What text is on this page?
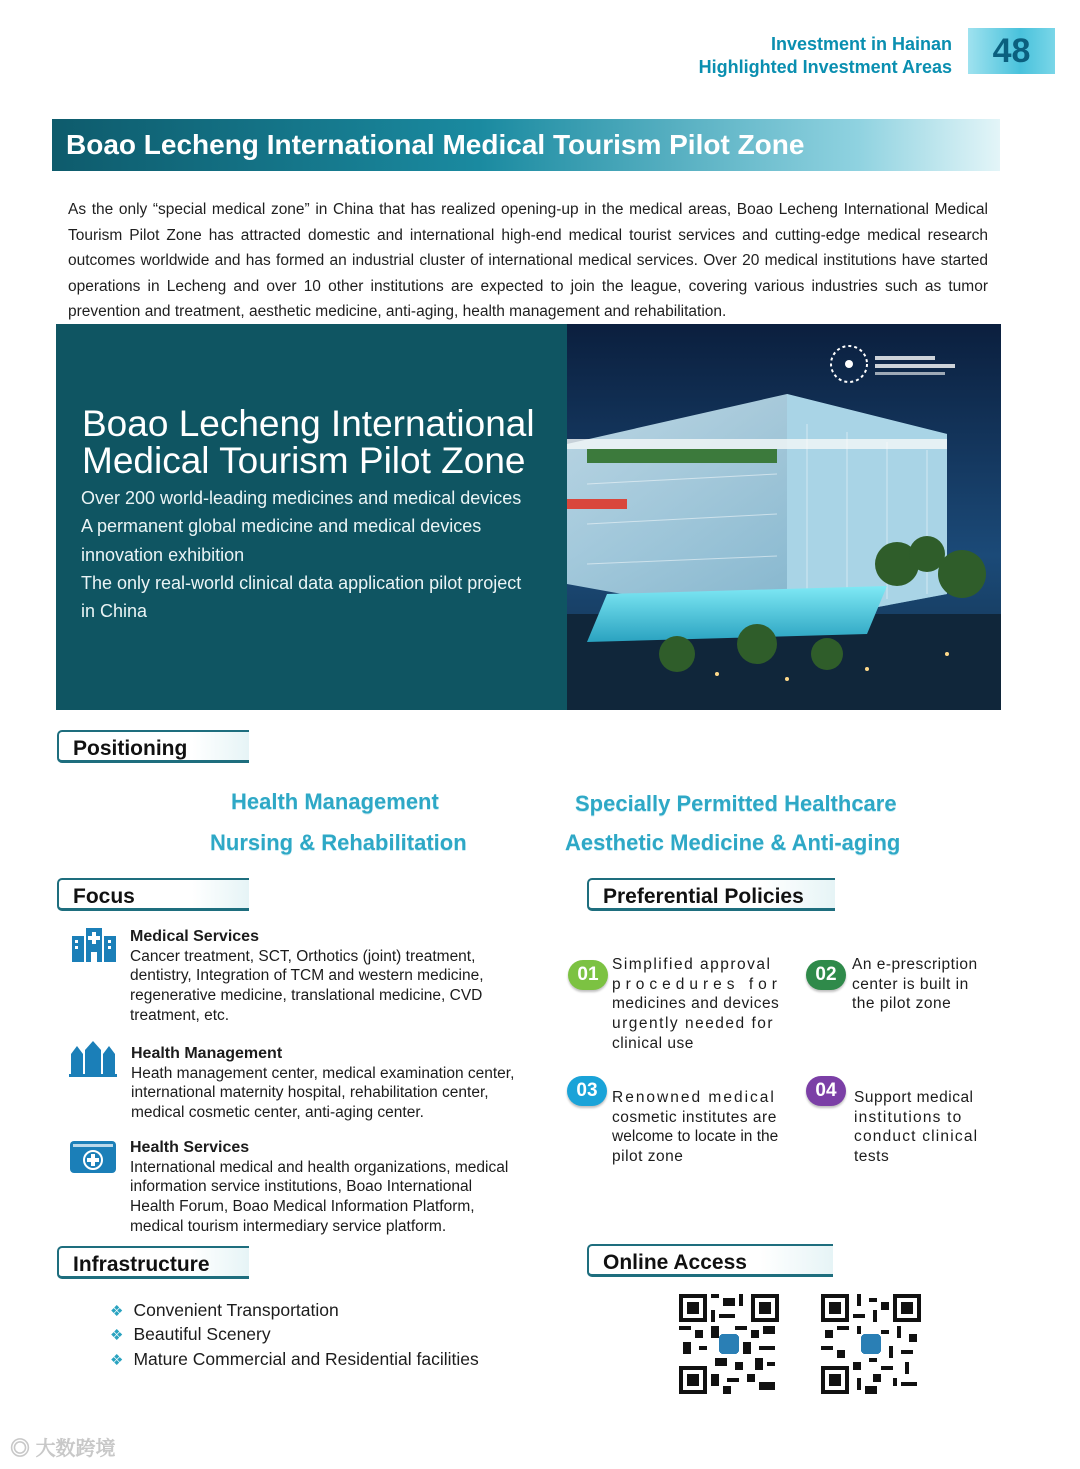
Investment in Hainan
Highlighted Investment Areas	48
Boao Lecheng International Medical Tourism Pilot Zone
As the only “special medical zone” in China that has realized opening-up in the medical areas, Boao Lecheng International Medical Tourism Pilot Zone has attracted domestic and international high-end medical tourist services and cutting-edge medical research outcomes worldwide and has formed an industrial cluster of international medical services. Over 20 medical institutions have started operations in Lecheng and over 10 other institutions are expected to join the league, covering various industries such as tumor prevention and treatment, aesthetic medicine, anti-aging, health management and rehabilitation.
Boao Lecheng International
Medical Tourism Pilot Zone
Over 200 world-leading medicines and medical devices
A permanent global medicine and medical devices
innovation exhibition
The only real-world clinical data application pilot project
in China
Positioning
Health Management	Specially Permitted Healthcare
Nursing & Rehabilitation	Aesthetic Medicine & Anti-aging
Focus
Medical Services
Cancer treatment, SCT, Orthotics (joint) treatment,
dentistry, Integration of TCM and western medicine,
regenerative medicine, translational medicine, CVD
treatment, etc.
Health Management
Heath management center, medical examination center,
international maternity hospital, rehabilitation center,
medical cosmetic center, anti-aging center.
Health Services
International medical and health organizations, medical
information service institutions, Boao International
Health Forum, Boao Medical Information Platform,
medical tourism intermediary service platform.
Preferential Policies
01 Simplified approval
procedures for
medicines and devices
urgently needed for
clinical use
02 An e-prescription
center is built in
the pilot zone
03 Renowned medical
cosmetic institutes are
welcome to locate in the
pilot zone
04	Support medical
institutions to
conduct clinical
tests
Infrastructure
❖ Convenient Transportation
❖ Beautiful Scenery
❖ Mature Commercial and Residential facilities
Online Access
◎ 大数跨境
